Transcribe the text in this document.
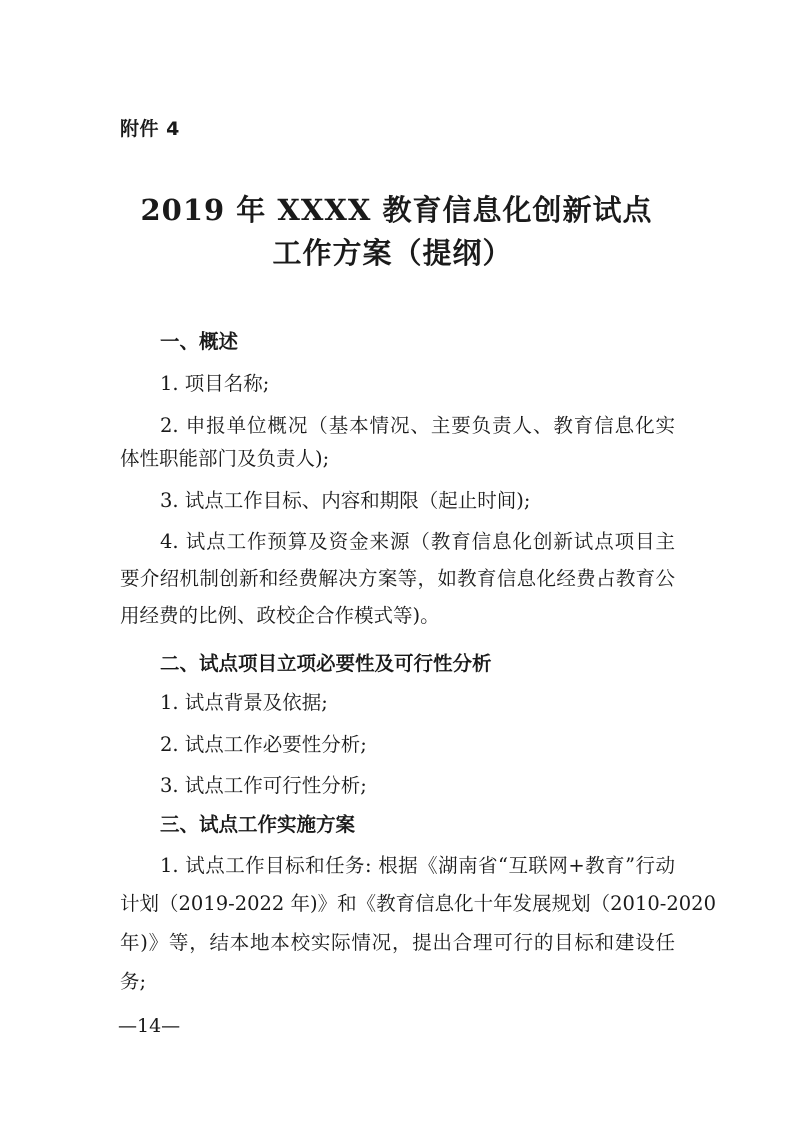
附件 4
2019 年 XXXX 教育信息化创新试点
工作方案（提纲）
一、概述
1. 项目名称;
2. 申报单位概况（基本情况、主要负责人、教育信息化实
体性职能部门及负责人);
3. 试点工作目标、内容和期限（起止时间);
4. 试点工作预算及资金来源（教育信息化创新试点项目主
要介绍机制创新和经费解决方案等，如教育信息化经费占教育公
用经费的比例、政校企合作模式等)。
二、试点项目立项必要性及可行性分析
1. 试点背景及依据;
2. 试点工作必要性分析;
3. 试点工作可行性分析;
三、试点工作实施方案
1. 试点工作目标和任务: 根据《湖南省“互联网+教育”行动
计划（2019-2022 年)》和《教育信息化十年发展规划（2010-2020
年)》等，结本地本校实际情况，提出合理可行的目标和建设任
务;
—14—
